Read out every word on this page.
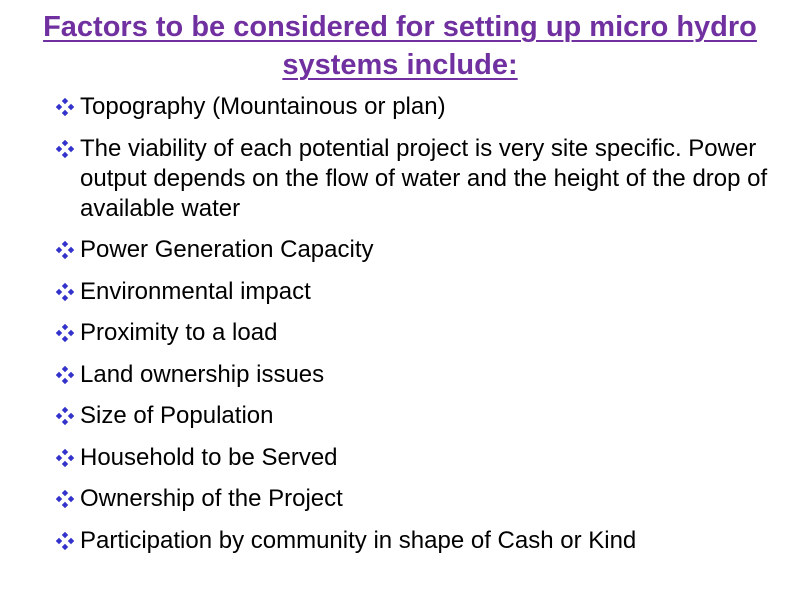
Factors to be considered for setting up micro hydro systems include:
Topography (Mountainous or plan)
The viability of each potential project is very site specific. Power output depends on the flow of water and the height of the drop of available water
Power Generation Capacity
Environmental impact
Proximity to a load
Land ownership issues
Size of Population
Household to be Served
Ownership of the Project
Participation by community in shape of Cash or Kind
